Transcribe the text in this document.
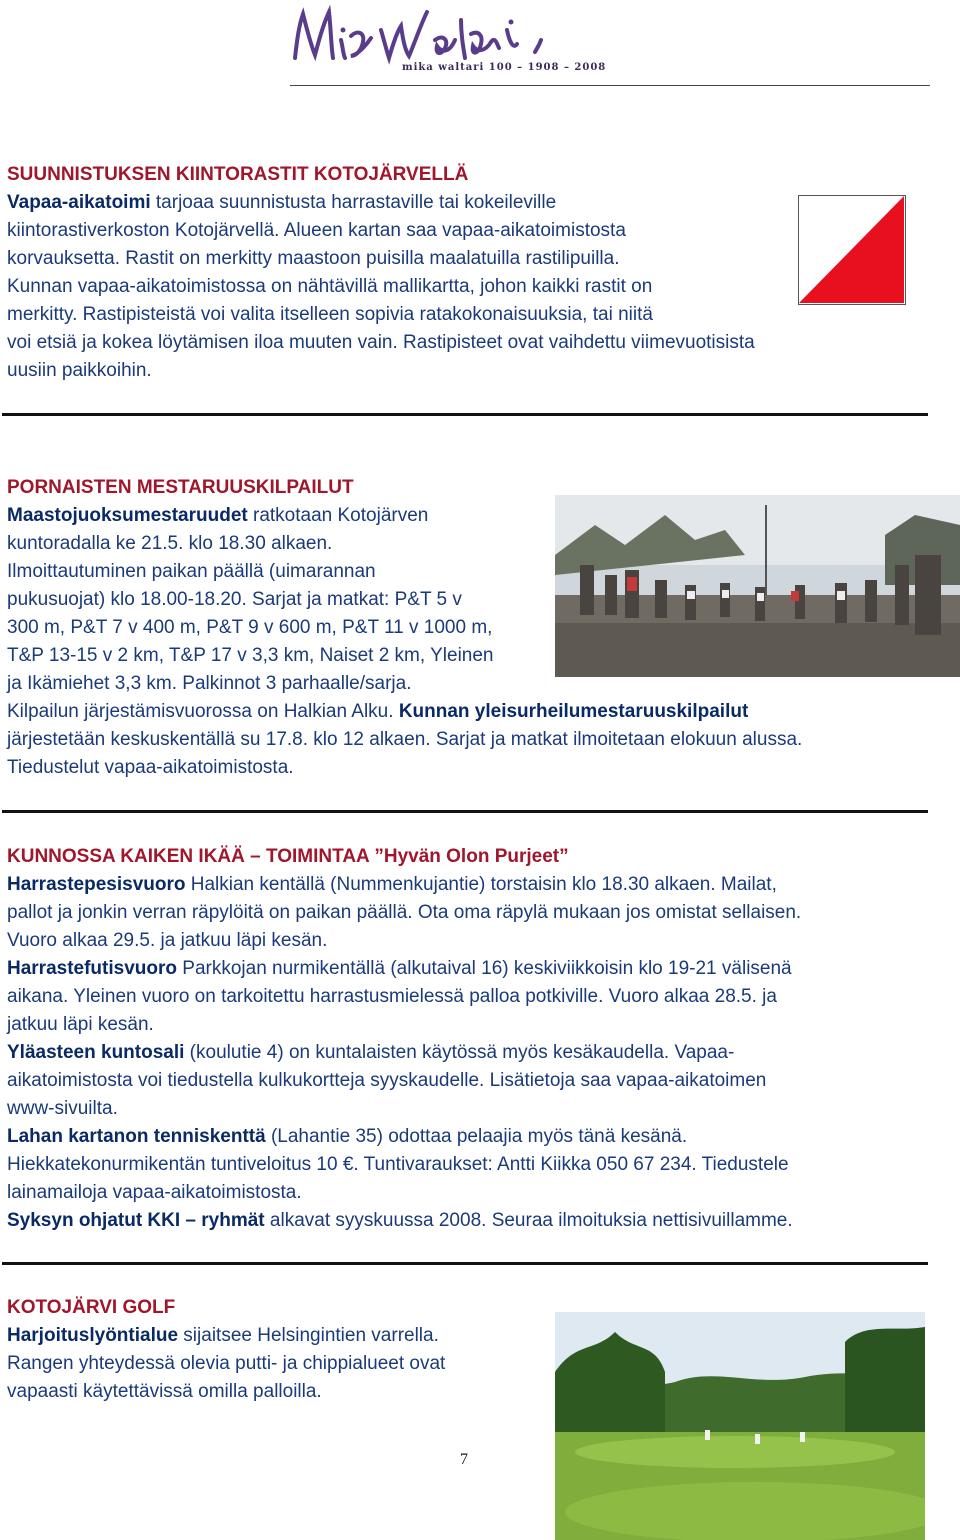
mika waltari 100 – 1908 – 2008

SUUNNISTUKSEN KIINTORASTIT KOTOJÄRVELLÄ

Vapaa-aikatoimi tarjoaa suunnistusta harrastaville tai kokeileville

kiintorastiverkoston Kotojärvellä. Alueen kartan saa vapaa-aikatoimistosta

korvauksetta. Rastit on merkitty maastoon puisilla maalatuilla rastilipuilla.

Kunnan vapaa-aikatoimistossa on nähtävillä mallikartta, johon kaikki rastit on

merkitty. Rastipisteistä voi valita itselleen sopivia ratakokonaisuuksia, tai niitä

voi etsiä ja kokea löytämisen iloa muuten vain. Rastipisteet ovat vaihdettu viimevuotisista

uusiin paikkoihin.

PORNAISTEN MESTARUUSKILPAILUT

Maastojuoksumestaruudet ratkotaan Kotojärven

kuntoradalla ke 21.5. klo 18.30 alkaen.

Ilmoittautuminen paikan päällä (uimarannan

pukusuojat) klo 18.00-18.20. Sarjat ja matkat: P&T 5 v

300 m, P&T 7 v 400 m, P&T 9 v 600 m, P&T 11 v 1000 m,

T&P 13-15 v 2 km, T&P 17 v 3,3 km, Naiset 2 km, Yleinen

ja Ikämiehet 3,3 km. Palkinnot 3 parhaalle/sarja.

Kilpailun järjestämisvuorossa on Halkian Alku. Kunnan yleisurheilumestaruuskilpailut

järjestetään keskuskentällä su 17.8. klo 12 alkaen. Sarjat ja matkat ilmoitetaan elokuun alussa.

Tiedustelut vapaa-aikatoimistosta.

KUNNOSSA KAIKEN IKÄÄ – TOIMINTAA ”Hyvän Olon Purjeet”

Harrastepesisvuoro Halkian kentällä (Nummenkujantie) torstaisin klo 18.30 alkaen. Mailat,

pallot ja jonkin verran räpylöitä on paikan päällä. Ota oma räpylä mukaan jos omistat sellaisen.

Vuoro alkaa 29.5. ja jatkuu läpi kesän.

Harrastefutisvuoro Parkkojan nurmikentällä (alkutaival 16) keskiviikkoisin klo 19-21 välisenä

aikana. Yleinen vuoro on tarkoitettu harrastusmielessä palloa potkiville. Vuoro alkaa 28.5. ja

jatkuu läpi kesän.

Yläasteen kuntosali (koulutie 4) on kuntalaisten käytössä myös kesäkaudella. Vapaa-

aikatoimistosta voi tiedustella kulkukortteja syyskaudelle. Lisätietoja saa vapaa-aikatoimen

www-sivuilta.

Lahan kartanon tenniskenttä (Lahantie 35) odottaa pelaajia myös tänä kesänä.

Hiekkatekonurmikentän tuntiveloitus 10 €. Tuntivaraukset: Antti Kiikka 050 67 234. Tiedustele

lainamailoja vapaa-aikatoimistosta.

Syksyn ohjatut KKI – ryhmät alkavat syyskuussa 2008. Seuraa ilmoituksia nettisivuillamme.

KOTOJÄRVI GOLF

Harjoituslyöntialue sijaitsee Helsingintien varrella.

Rangen yhteydessä olevia putti- ja chippialueet ovat

vapaasti käytettävissä omilla palloilla.

7
